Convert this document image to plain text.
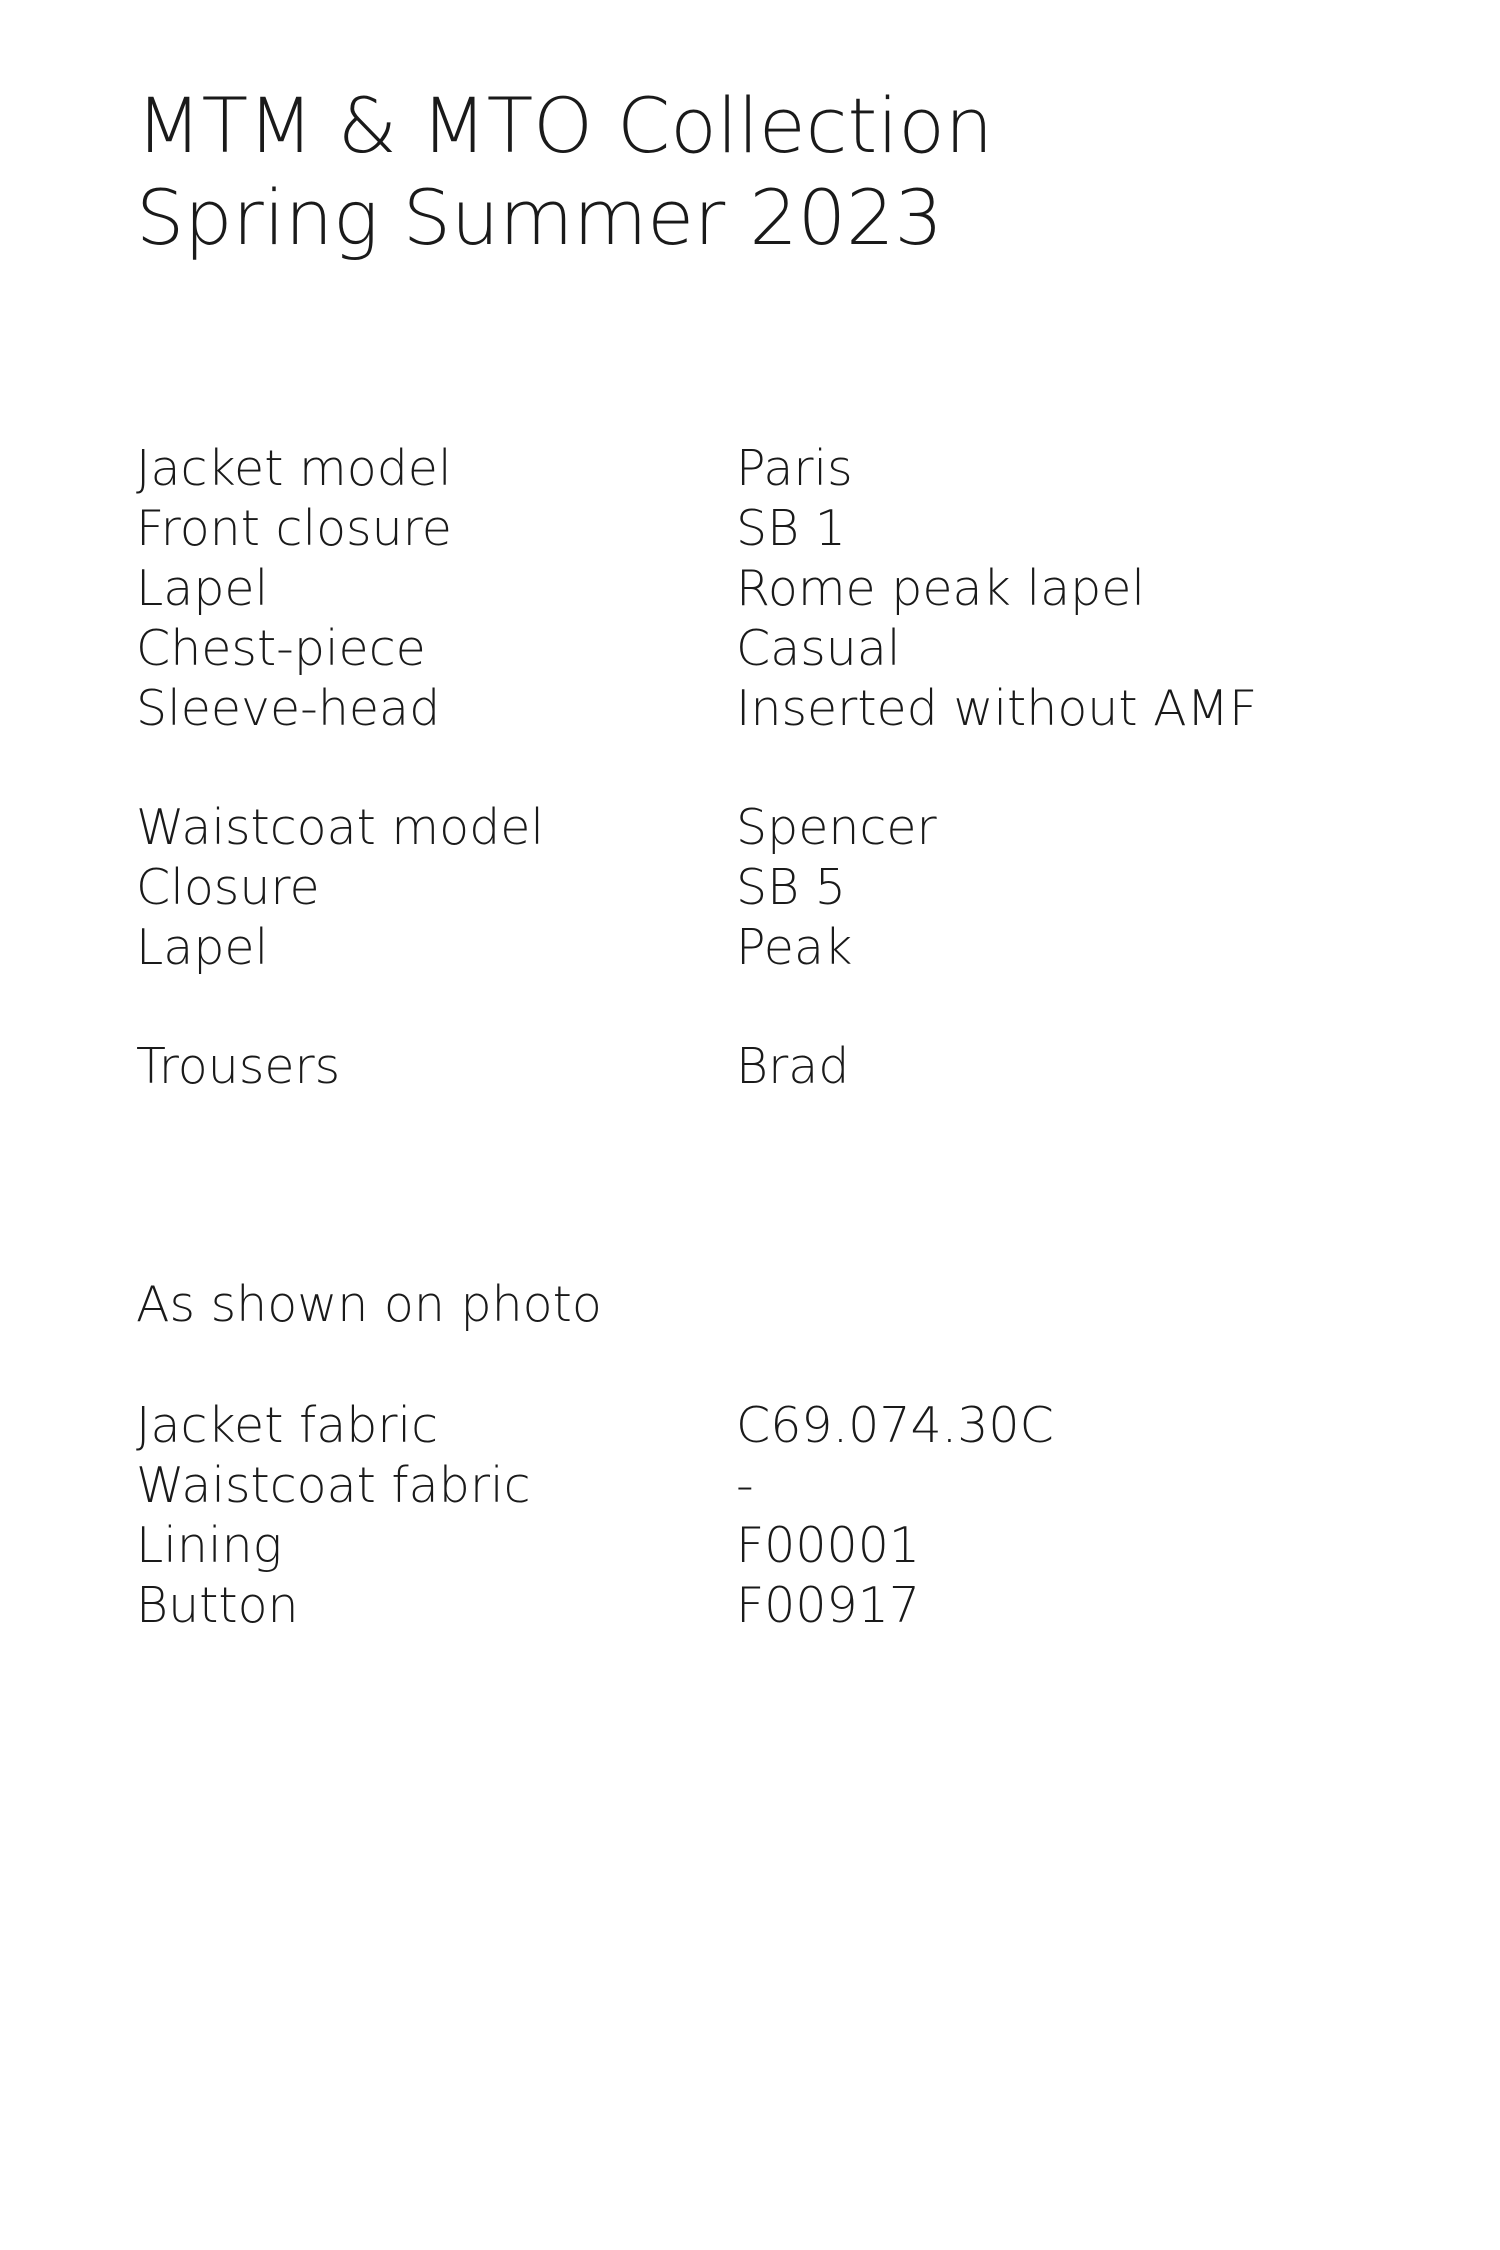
MTM & MTO Collection
Spring Summer 2023
Jacket model	Paris
Front closure	SB 1
Lapel	Rome peak lapel
Chest-piece	Casual
Sleeve-head	Inserted without AMF
Waistcoat model	Spencer
Closure	SB 5
Lapel	Peak
Trousers	Brad
As shown on photo
Jacket fabric	C69.074.30C
Waistcoat fabric	-
Lining	F00001
Button	F00917
